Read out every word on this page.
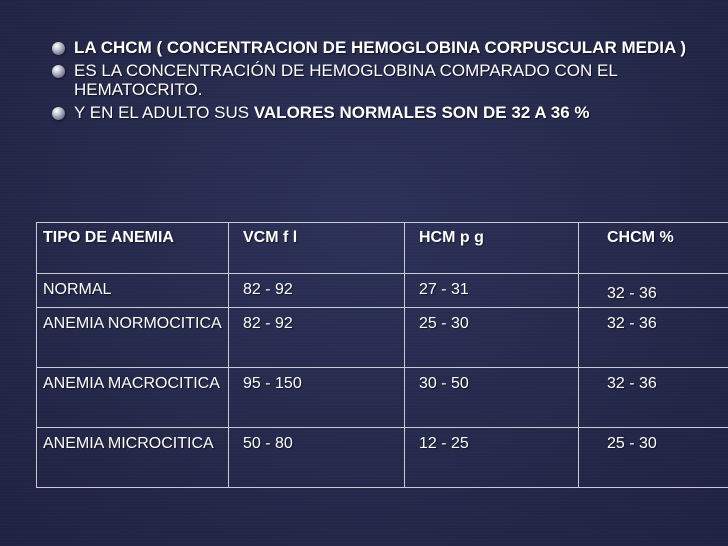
LA CHCM ( CONCENTRACION DE HEMOGLOBINA CORPUSCULAR MEDIA )
ES LA CONCENTRACIÓN DE HEMOGLOBINA COMPARADO CON EL HEMATOCRITO.
Y EN EL ADULTO SUS VALORES NORMALES SON DE 32 A 36 %
TIPO DE ANEMIA	VCM f l	HCM p g	CHCM %
NORMAL	82 - 92	27 - 31	32 - 36
ANEMIA NORMOCITICA	82 - 92	25 - 30	32 - 36
ANEMIA MACROCITICA	95 - 150	30 - 50	32 - 36
ANEMIA MICROCITICA	50 - 80	12 - 25	25 - 30
